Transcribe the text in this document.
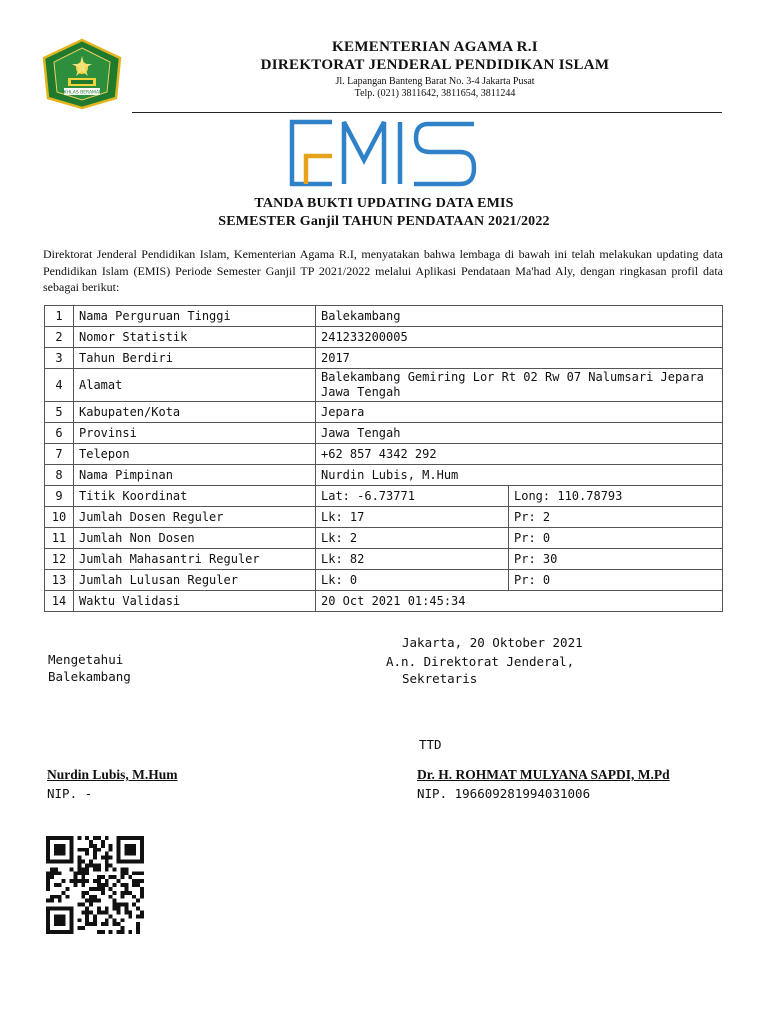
IKHLAS BERAMAL
KEMENTERIAN AGAMA R.I
DIREKTORAT JENDERAL PENDIDIKAN ISLAM
Jl. Lapangan Banteng Barat No. 3-4 Jakarta Pusat
Telp. (021) 3811642, 3811654, 3811244
EMIS
TANDA BUKTI UPDATING DATA EMIS
SEMESTER Ganjil TAHUN PENDATAAN 2021/2022
Direktorat Jenderal Pendidikan Islam, Kementerian Agama R.I, menyatakan bahwa lembaga di bawah ini telah melakukan updating data Pendidikan Islam (EMIS) Periode Semester Ganjil TP 2021/2022 melalui Aplikasi Pendataan Ma'had Aly, dengan ringkasan profil data sebagai berikut:
1	Nama Perguruan Tinggi	Balekambang	
2	Nomor Statistik	241233200005	
3	Tahun Berdiri	2017	
4	Alamat	Balekambang Gemiring Lor Rt 02 Rw 07 Nalumsari Jepara Jawa Tengah	
5	Kabupaten/Kota	Jepara	
6	Provinsi	Jawa Tengah	
7	Telepon	+62 857 4342 292	
8	Nama Pimpinan	Nurdin Lubis, M.Hum	
9	Titik Koordinat	Lat: -6.73771	Long: 110.78793
10	Jumlah Dosen Reguler	Lk: 17	Pr: 2
11	Jumlah Non Dosen	Lk: 2	Pr: 0
12	Jumlah Mahasantri Reguler	Lk: 82	Pr: 30
13	Jumlah Lulusan Reguler	Lk: 0	Pr: 0
14	Waktu Validasi	20 Oct 2021 01:45:34	
Jakarta, 20 Oktober 2021
A.n. Direktorat Jenderal,
Sekretaris
Mengetahui
Balekambang
TTD
Nurdin Lubis, M.Hum
NIP. -
Dr. H. ROHMAT MULYANA SAPDI, M.Pd
NIP. 196609281994031006
